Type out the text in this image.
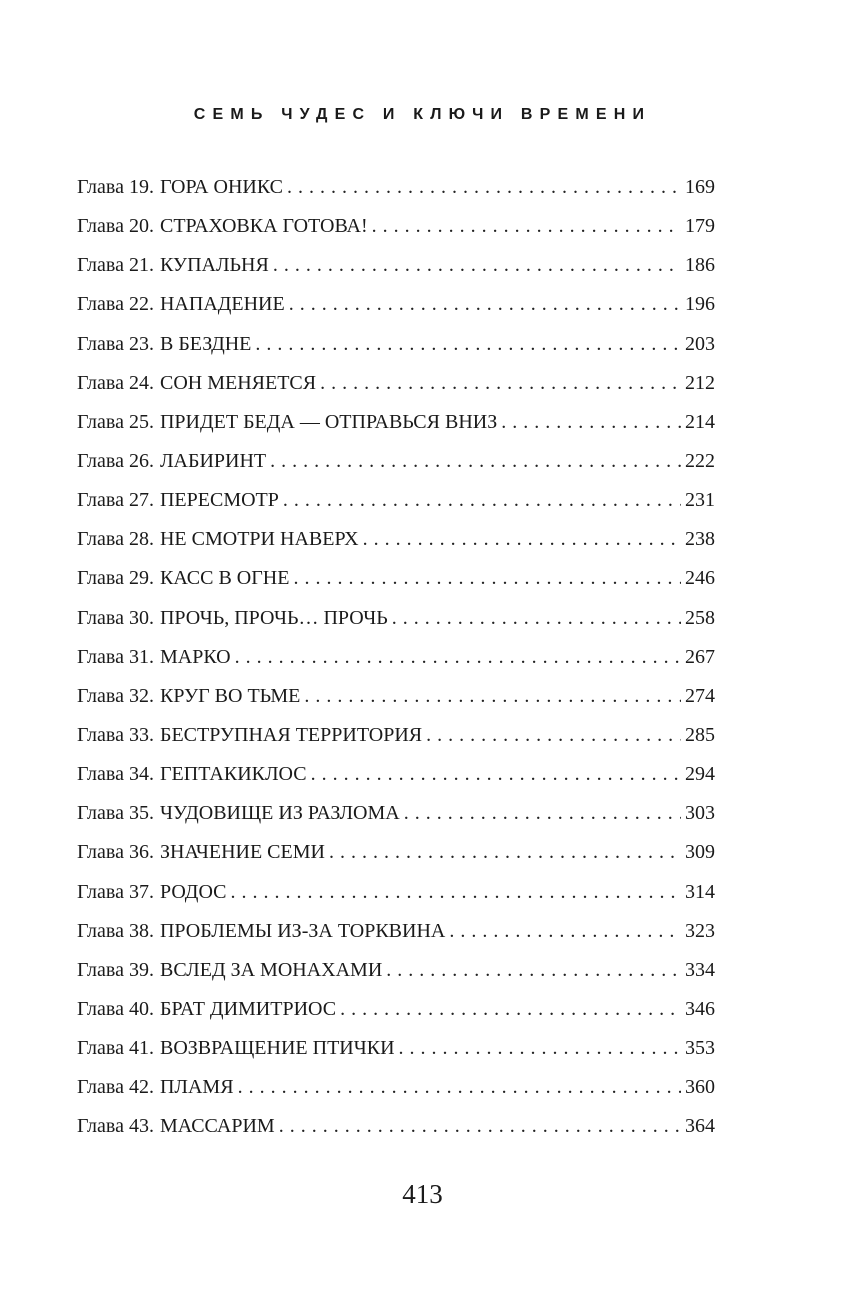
СЕМЬ ЧУДЕС И КЛЮЧИ ВРЕМЕНИ
Глава 19. ГОРА ОНИКС . . .	169
Глава 20. СТРАХОВКА ГОТОВА! . . .	179
Глава 21. КУПАЛЬНЯ . . .	186
Глава 22. НАПАДЕНИЕ . . .	196
Глава 23. В БЕЗДНЕ . . .	203
Глава 24. СОН МЕНЯЕТСЯ . . .	212
Глава 25. ПРИДЕТ БЕДА — ОТПРАВЬСЯ ВНИЗ . . .	214
Глава 26. ЛАБИРИНТ . . .	222
Глава 27. ПЕРЕСМОТР . . .	231
Глава 28. НЕ СМОТРИ НАВЕРХ . . .	238
Глава 29. КАСС В ОГНЕ . . .	246
Глава 30. ПРОЧЬ, ПРОЧЬ… ПРОЧЬ . . .	258
Глава 31. МАРКО . . .	267
Глава 32. КРУГ ВО ТЬМЕ . . .	274
Глава 33. БЕСТРУПНАЯ ТЕРРИТОРИЯ . . .	285
Глава 34. ГЕПТАКИКЛОС . . .	294
Глава 35. ЧУДОВИЩЕ ИЗ РАЗЛОМА . . .	303
Глава 36. ЗНАЧЕНИЕ СЕМИ . . .	309
Глава 37. РОДОС . . .	314
Глава 38. ПРОБЛЕМЫ ИЗ-ЗА ТОРКВИНА . . .	323
Глава 39. ВСЛЕД ЗА МОНАХАМИ . . .	334
Глава 40. БРАТ ДИМИТРИОС . . .	346
Глава 41. ВОЗВРАЩЕНИЕ ПТИЧКИ . . .	353
Глава 42. ПЛАМЯ . . .	360
Глава 43. МАССАРИМ . . .	364
413
